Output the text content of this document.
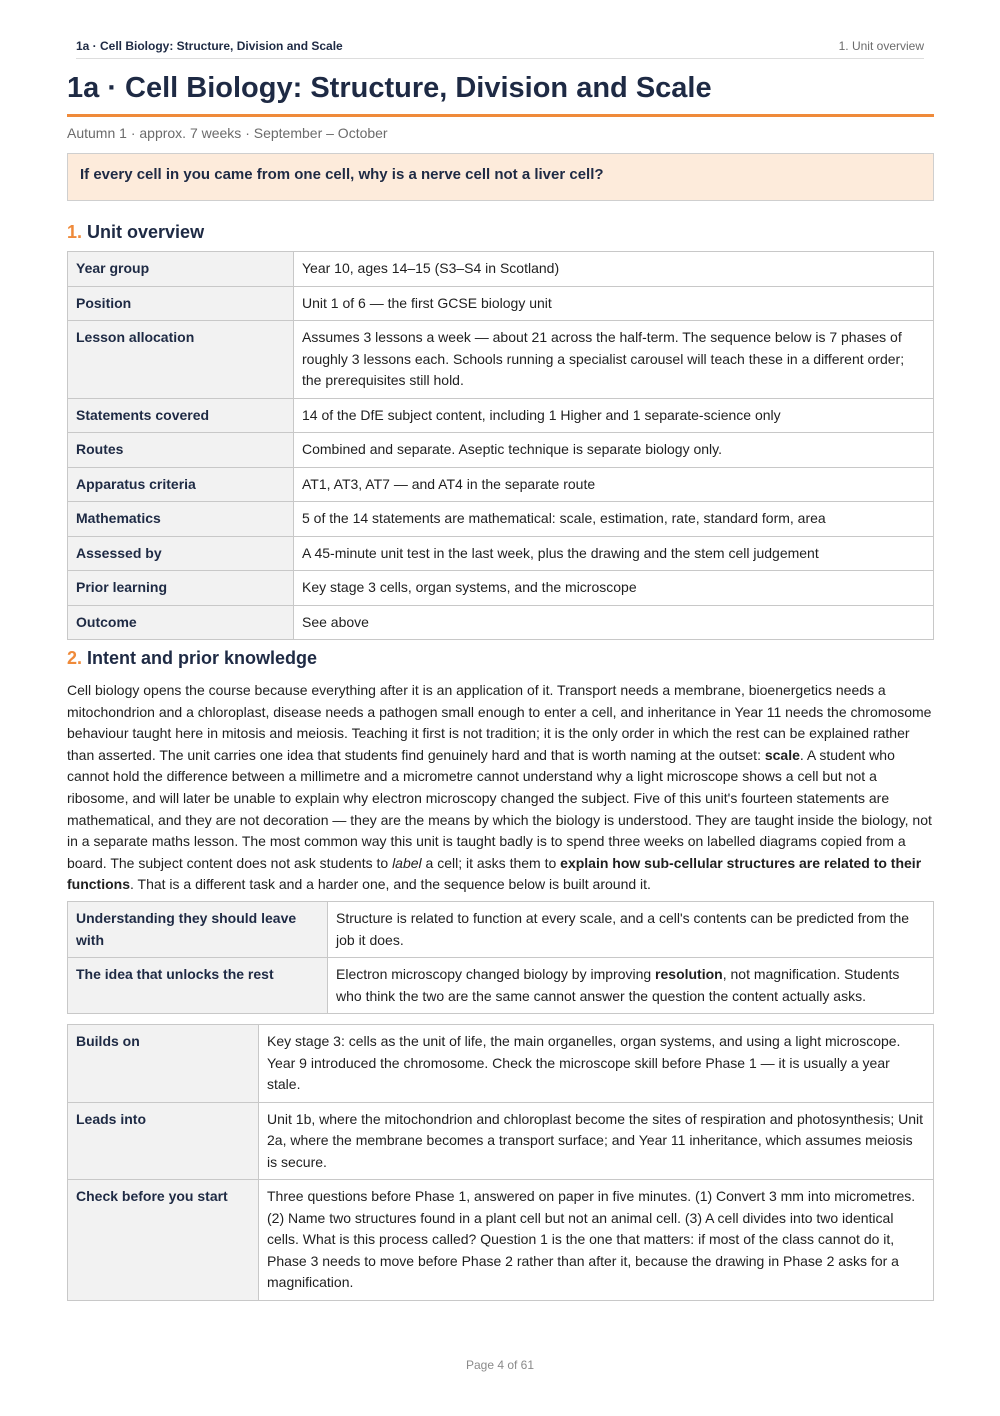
1a · Cell Biology: Structure, Division and Scale	1. Unit overview
1a · Cell Biology: Structure, Division and Scale
Autumn 1 · approx. 7 weeks · September – October
If every cell in you came from one cell, why is a nerve cell not a liver cell?
1. Unit overview
Year group	Year 10, ages 14–15 (S3–S4 in Scotland)
Position	Unit 1 of 6 — the first GCSE biology unit
Lesson allocation	Assumes 3 lessons a week — about 21 across the half-term. The sequence below is 7 phases of roughly 3 lessons each. Schools running a specialist carousel will teach these in a different order; the prerequisites still hold.
Statements covered	14 of the DfE subject content, including 1 Higher and 1 separate-science only
Routes	Combined and separate. Aseptic technique is separate biology only.
Apparatus criteria	AT1, AT3, AT7 — and AT4 in the separate route
Mathematics	5 of the 14 statements are mathematical: scale, estimation, rate, standard form, area
Assessed by	A 45-minute unit test in the last week, plus the drawing and the stem cell judgement
Prior learning	Key stage 3 cells, organ systems, and the microscope
Outcome	See above
2. Intent and prior knowledge

Cell biology opens the course because everything after it is an application of it. Transport needs a membrane, bioenergetics needs a mitochondrion and a chloroplast, disease needs a pathogen small enough to enter a cell, and inheritance in Year 11 needs the chromosome behaviour taught here in mitosis and meiosis. Teaching it first is not tradition; it is the only order in which the rest can be explained rather than asserted. The unit carries one idea that students find genuinely hard and that is worth naming at the outset: scale. A student who cannot hold the difference between a millimetre and a micrometre cannot understand why a light microscope shows a cell but not a ribosome, and will later be unable to explain why electron microscopy changed the subject. Five of this unit's fourteen statements are mathematical, and they are not decoration — they are the means by which the biology is understood. They are taught inside the biology, not in a separate maths lesson. The most common way this unit is taught badly is to spend three weeks on labelled diagrams copied from a board. The subject content does not ask students to label a cell; it asks them to explain how sub-cellular structures are related to their functions. That is a different task and a harder one, and the sequence below is built around it.

Understanding they should leave with	Structure is related to function at every scale, and a cell's contents can be predicted from the job it does.
The idea that unlocks the rest	Electron microscopy changed biology by improving resolution, not magnification. Students who think the two are the same cannot answer the question the content actually asks.
Builds on	Key stage 3: cells as the unit of life, the main organelles, organ systems, and using a light microscope. Year 9 introduced the chromosome. Check the microscope skill before Phase 1 — it is usually a year stale.
Leads into	Unit 1b, where the mitochondrion and chloroplast become the sites of respiration and photosynthesis; Unit 2a, where the membrane becomes a transport surface; and Year 11 inheritance, which assumes meiosis is secure.
Check before you start	Three questions before Phase 1, answered on paper in five minutes. (1) Convert 3 mm into micrometres. (2) Name two structures found in a plant cell but not an animal cell. (3) A cell divides into two identical cells. What is this process called? Question 1 is the one that matters: if most of the class cannot do it, Phase 3 needs to move before Phase 2 rather than after it, because the drawing in Phase 2 asks for a magnification.
Page 4 of 61
